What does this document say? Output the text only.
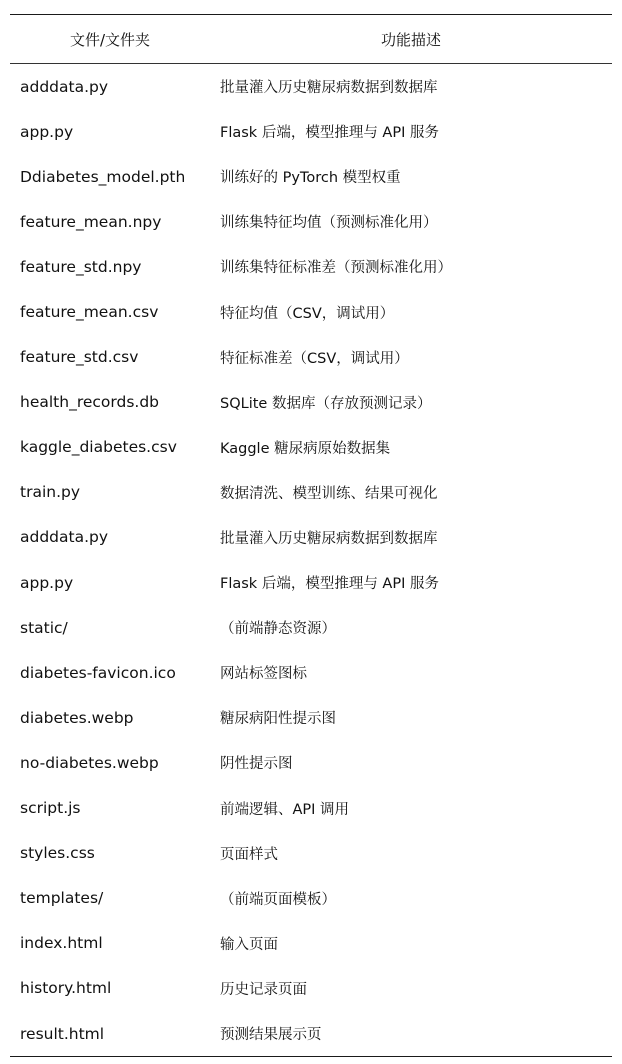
文件/文件夹	功能描述
adddata.py	批量灌入历史糖尿病数据到数据库
app.py	Flask 后端，模型推理与 API 服务
Ddiabetes_model.pth	训练好的 PyTorch 模型权重
feature_mean.npy	训练集特征均值（预测标准化用）
feature_std.npy	训练集特征标准差（预测标准化用）
feature_mean.csv	特征均值（CSV，调试用）
feature_std.csv	特征标准差（CSV，调试用）
health_records.db	SQLite 数据库（存放预测记录）
kaggle_diabetes.csv	Kaggle 糖尿病原始数据集
train.py	数据清洗、模型训练、结果可视化
adddata.py	批量灌入历史糖尿病数据到数据库
app.py	Flask 后端，模型推理与 API 服务
static/	（前端静态资源）
diabetes-favicon.ico	网站标签图标
diabetes.webp	糖尿病阳性提示图
no-diabetes.webp	阴性提示图
script.js	前端逻辑、API 调用
styles.css	页面样式
templates/	（前端页面模板）
index.html	输入页面
history.html	历史记录页面
result.html	预测结果展示页
